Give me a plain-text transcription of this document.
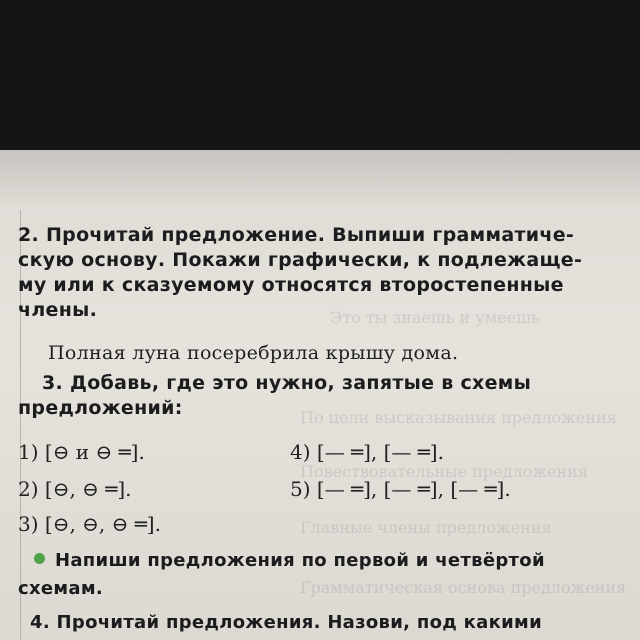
Это ты знаешь и умеешь
По цели высказывания предложения
Повествовательные предложения
Главные члены предложения
Грамматическая основа предложения
2. Прочитай предложение. Выпиши грамматиче-
скую основу. Покажи графически, к подлежаще-
му или к сказуемому относятся второстепенные
члены.
Полная луна посеребрила крышу дома.
3. Добавь, где это нужно, запятые в схемы
предложений:
1) [⊖ и ⊖ ═].
2) [⊖, ⊖ ═].
3) [⊖, ⊖, ⊖ ═].
4) [— ═], [— ═].
5) [— ═], [— ═], [— ═].
Напиши предложения по первой и четвёртой
схемам.
4. Прочитай предложения. Назови, под какими
